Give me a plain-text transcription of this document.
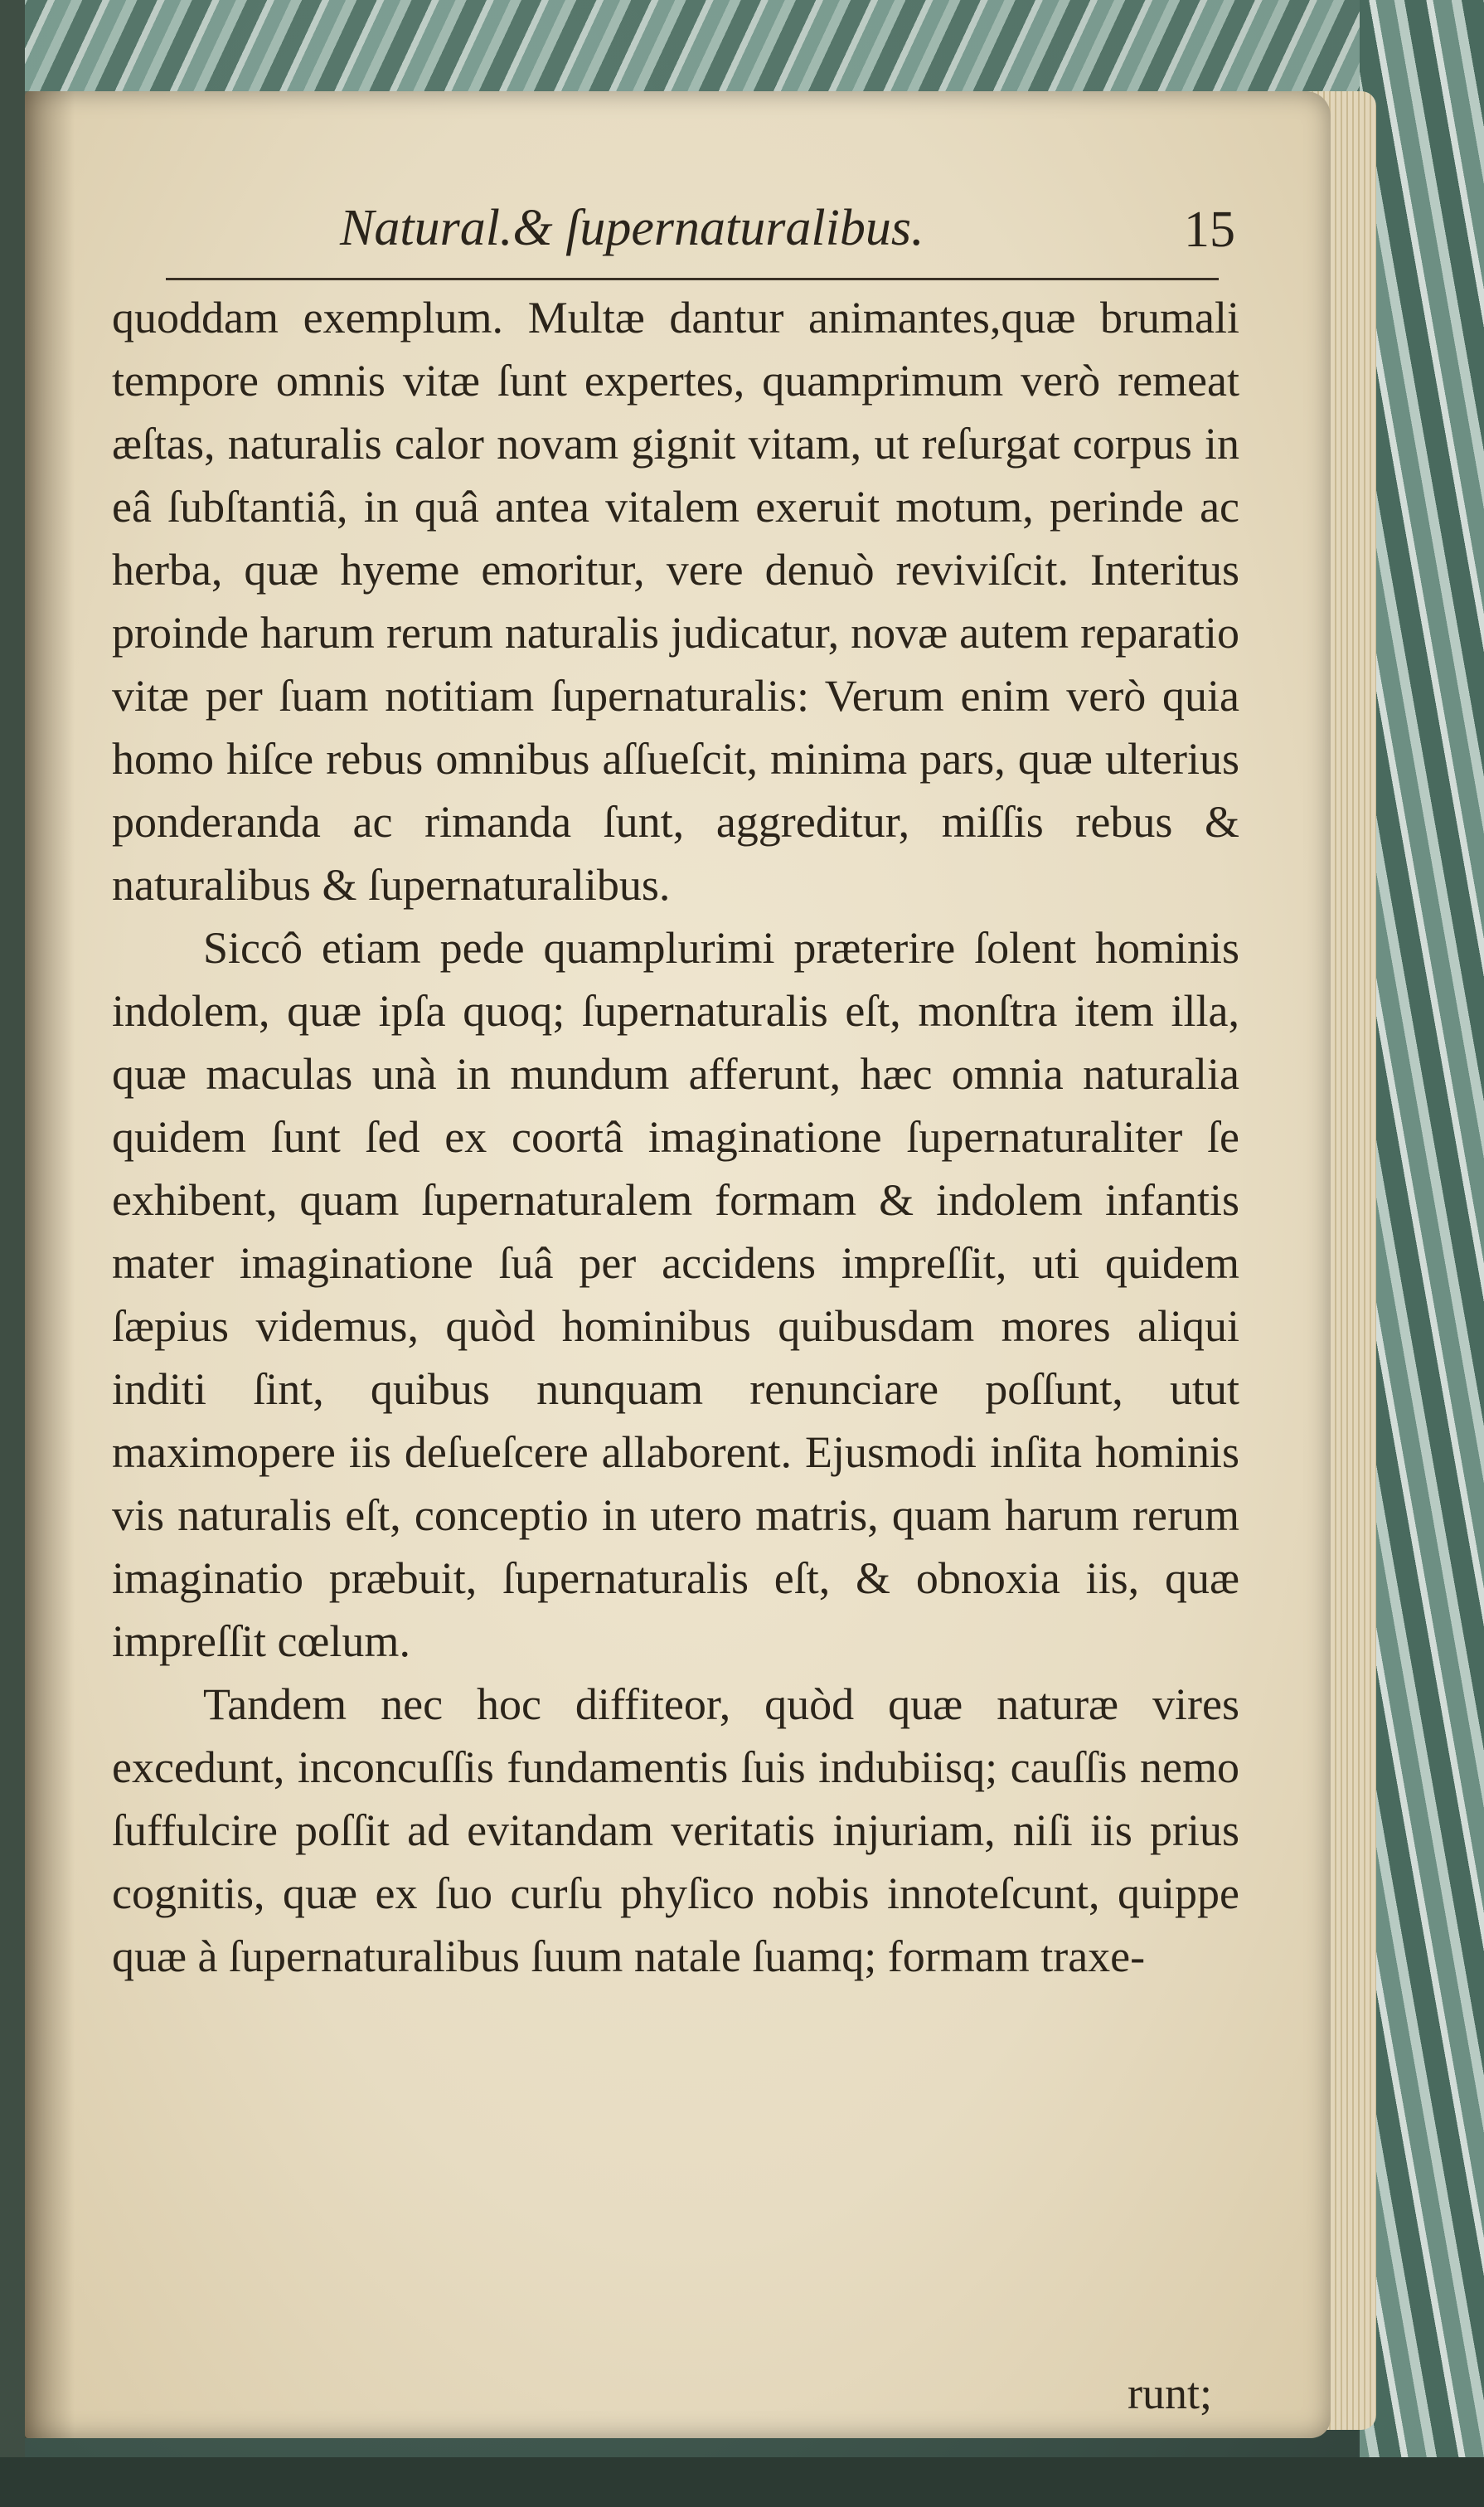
Natural.& ſupernaturalibus.	15

quoddam exemplum. Multæ dantur animantes,quæ brumali tempore omnis vitæ ſunt expertes, quamprimum verò remeat æſtas, naturalis calor novam gignit vitam, ut reſurgat corpus in eâ ſubſtantiâ, in quâ antea vitalem exeruit motum, perinde ac herba, quæ hyeme emoritur, vere denuò reviviſcit. Interitus proinde harum rerum naturalis judicatur, novæ autem reparatio vitæ per ſuam notitiam ſupernaturalis: Verum enim verò quia homo hiſce rebus omnibus aſſueſcit, minima pars, quæ ulterius ponderanda ac rimanda ſunt, aggreditur, miſſis rebus & naturalibus & ſupernaturalibus.

Siccô etiam pede quamplurimi præterire ſolent hominis indolem, quæ ipſa quoq; ſupernaturalis eſt, monſtra item illa, quæ maculas unà in mundum afferunt, hæc omnia naturalia quidem ſunt ſed ex coortâ imaginatione ſupernaturaliter ſe exhibent, quam ſupernaturalem formam & indolem infantis mater imaginatione ſuâ per accidens impreſſit, uti quidem ſæpius videmus, quòd hominibus quibusdam mores aliqui inditi ſint, quibus nunquam renunciare poſſunt, utut maximopere iis deſueſcere allaborent. Ejusmodi inſita hominis vis naturalis eſt, conceptio in utero matris, quam harum rerum imaginatio præbuit, ſupernaturalis eſt, & obnoxia iis, quæ impreſſit cœlum.

Tandem nec hoc diffiteor, quòd quæ naturæ vires excedunt, inconcuſſis fundamentis ſuis indubiisq; cauſſis nemo ſuffulcire poſſit ad evitandam veritatis injuriam, niſi iis prius cognitis, quæ ex ſuo curſu phyſico nobis innoteſcunt, quippe quæ à ſupernaturalibus ſuum natale ſuamq; formam traxe-

runt;
